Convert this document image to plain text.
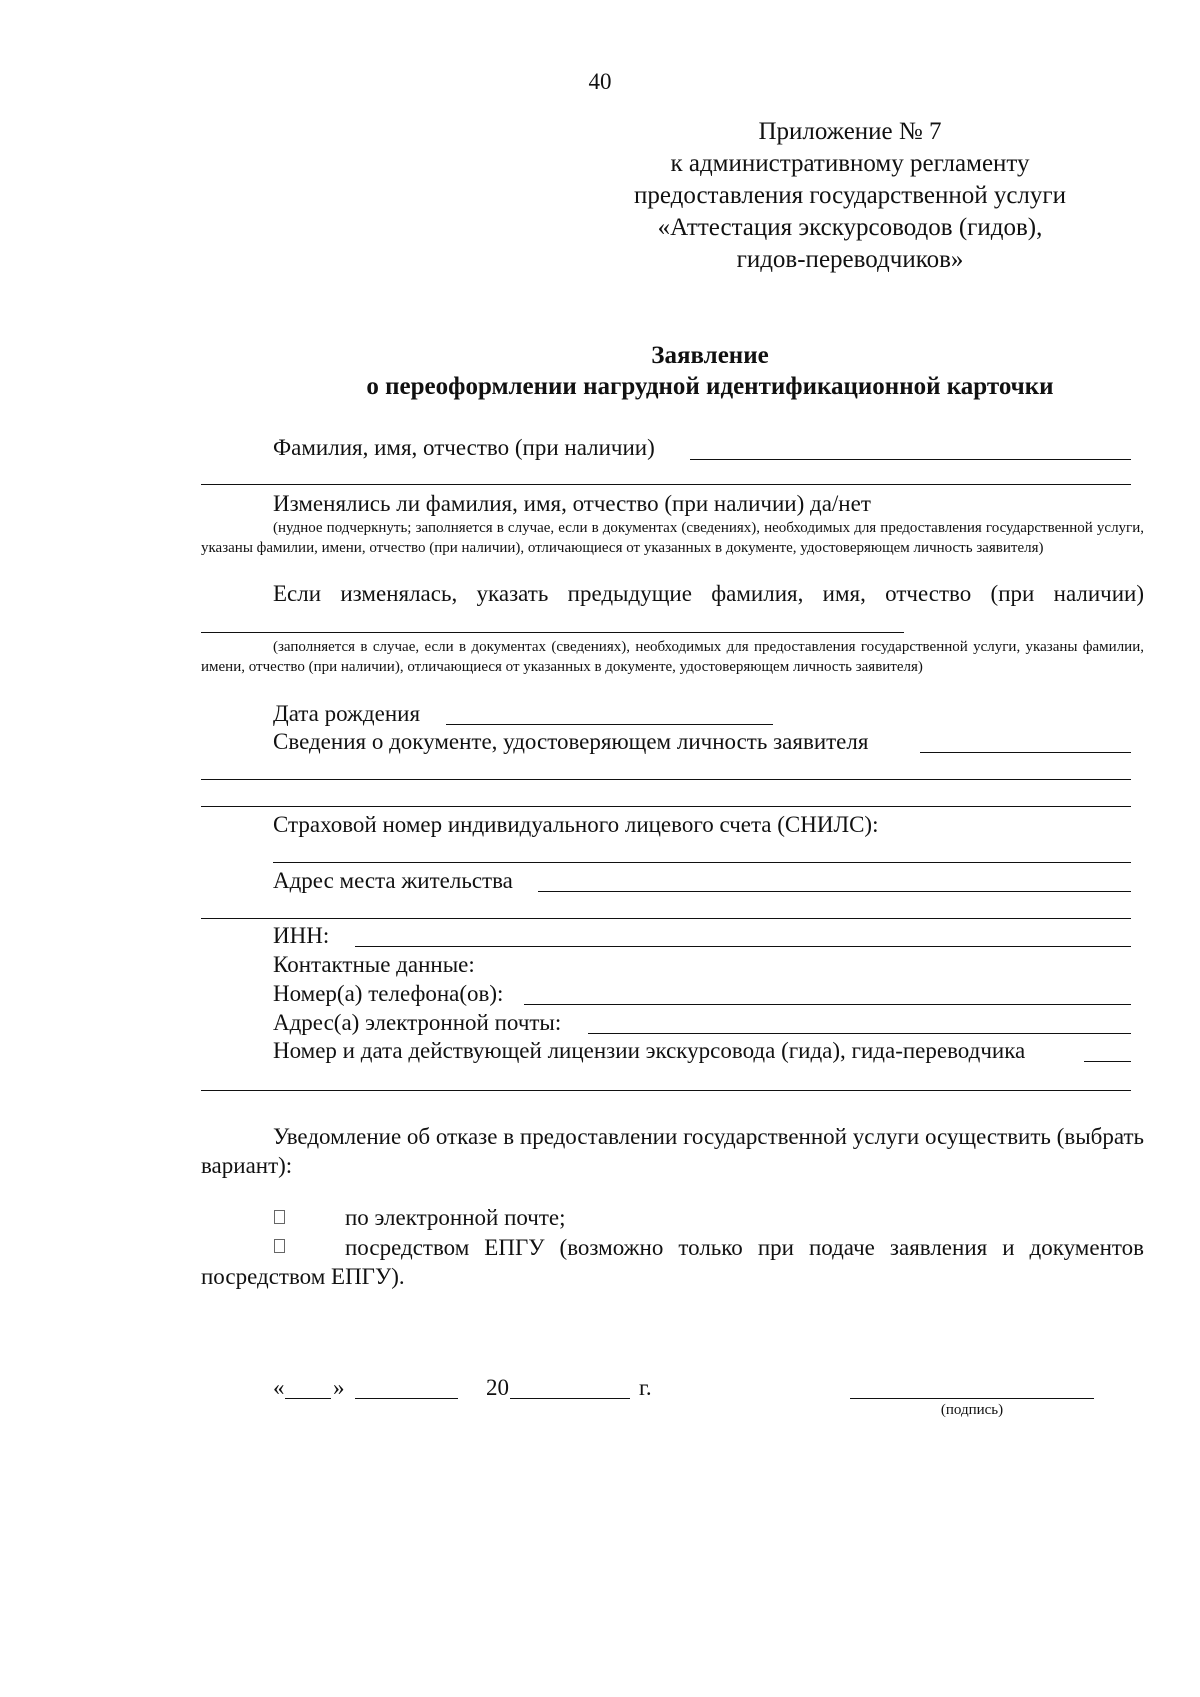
40
Приложение № 7
к административному регламенту
предоставления государственной услуги
«Аттестация экскурсоводов (гидов),
гидов-переводчиков»
Заявление
о переоформлении нагрудной идентификационной карточки
Фамилия, имя, отчество (при наличии)
Изменялись ли фамилия, имя, отчество (при наличии) да/нет
(нудное подчеркнуть; заполняется в случае, если в документах (сведениях), необходимых для предоставления государственной услуги, указаны фамилии, имени, отчество (при наличии), отличающиеся от указанных в документе, удостоверяющем личность заявителя)
Если изменялась, указать предыдущие фамилия, имя, отчество (при наличии)
(заполняется в случае, если в документах (сведениях), необходимых для предоставления государственной услуги, указаны фамилии, имени, отчество (при наличии), отличающиеся от указанных в документе, удостоверяющем личность заявителя)
Дата рождения
Сведения о документе, удостоверяющем личность заявителя
Страховой номер индивидуального лицевого счета (СНИЛС):
Адрес места жительства
ИНН:
Контактные данные:
Номер(а) телефона(ов):
Адрес(а) электронной почты:
Номер и дата действующей лицензии экскурсовода (гида), гида-переводчика
Уведомление об отказе в предоставлении государственной услуги осуществить (выбрать вариант):
по электронной почте;
посредством ЕПГУ (возможно только при подаче заявления и документов посредством ЕПГУ).
« »	20	г.
(подпись)
